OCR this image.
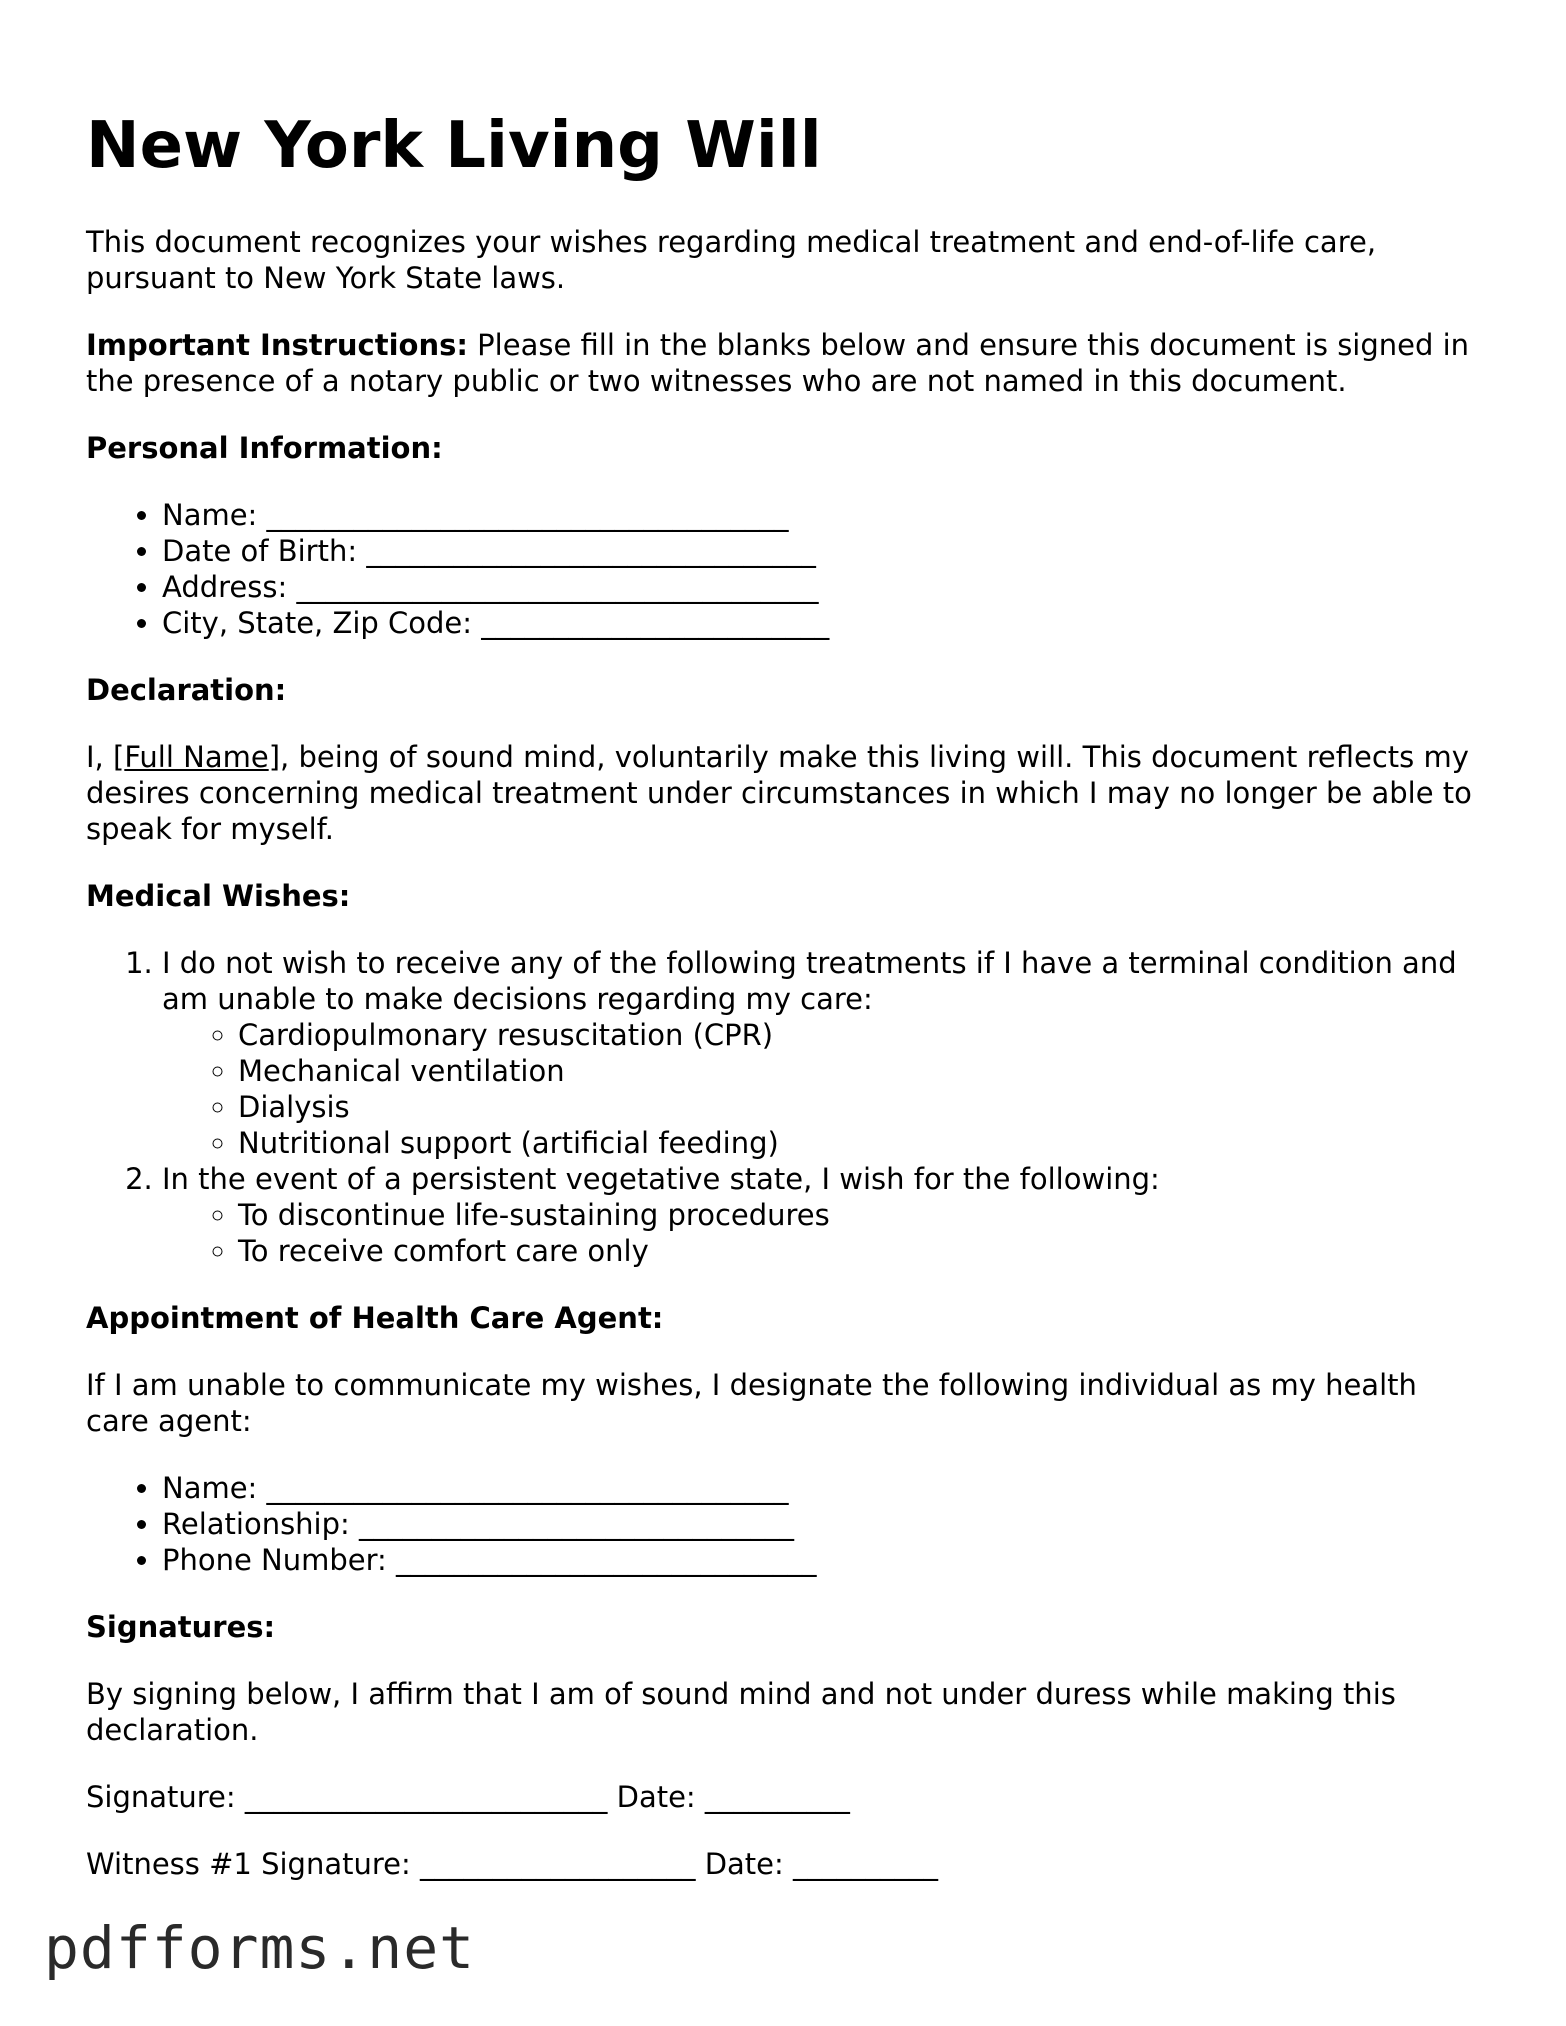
New York Living Will

This document recognizes your wishes regarding medical treatment and end-of-life care, pursuant to New York State laws.

Important Instructions: Please fill in the blanks below and ensure this document is signed in the presence of a notary public or two witnesses who are not named in this document.

Personal Information:
• Name: ____________________________________
• Date of Birth: _______________________________
• Address: ____________________________________
• City, State, Zip Code: ________________________
Declaration:

I, [Full Name], being of sound mind, voluntarily make this living will. This document reflects my desires concerning medical treatment under circumstances in which I may no longer be able to speak for myself.

Medical Wishes:
1. I do not wish to receive any of the following treatments if I have a terminal condition and am unable to make decisions regarding my care:
◦ Cardiopulmonary resuscitation (CPR)
◦ Mechanical ventilation
◦ Dialysis
◦ Nutritional support (artificial feeding)
2. In the event of a persistent vegetative state, I wish for the following:
◦ To discontinue life-sustaining procedures
◦ To receive comfort care only
Appointment of Health Care Agent:

If I am unable to communicate my wishes, I designate the following individual as my health care agent:

• Name: ____________________________________
• Relationship: ______________________________
• Phone Number: _____________________________
Signatures:

By signing below, I affirm that I am of sound mind and not under duress while making this declaration.

Signature: _________________________ Date: __________
Witness #1 Signature: ___________________ Date: __________
pdfforms.net
